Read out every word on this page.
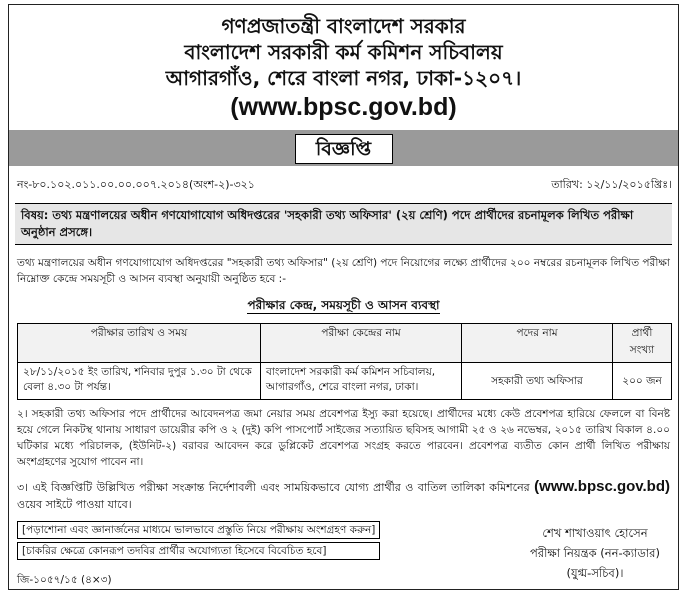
গণপ্রজাতন্ত্রী বাংলাদেশ সরকার
বাংলাদেশ সরকারী কর্ম কমিশন সচিবালয়
আগারগাঁও, শেরে বাংলা নগর, ঢাকা-১২০৭।
(www.bpsc.gov.bd)
বিজ্ঞপ্তি
নং-৮০.১০২.০১১.০০.০০.০০৭.২০১৪(অংশ-২)-৩২১	তারিখ: ১২/১১/২০১৫খ্রিঃ।
বিষয়: তথ্য মন্ত্রণালয়ের অধীন গণযোগাযোগ অধিদপ্তরের 'সহকারী তথ্য অফিসার' (২য় শ্রেণি) পদে প্রার্থীদের রচনামূলক লিখিত পরীক্ষা অনুষ্ঠান প্রসঙ্গে।
তথ্য মন্ত্রণালয়ের অধীন গণযোগাযোগ অধিদপ্তরের "সহকারী তথ্য অফিসার" (২য় শ্রেণি) পদে নিয়োগের লক্ষ্যে প্রার্থীদের ২০০ নম্বরের রচনামূলক লিখিত পরীক্ষা নিম্নোক্ত কেন্দ্রে সময়সূচী ও আসন ব্যবস্থা অনুযায়ী অনুষ্ঠিত হবে :-
পরীক্ষার কেন্দ্র, সময়সূচী ও আসন ব্যবস্থা
পরীক্ষার তারিখ ও সময়	পরীক্ষা কেন্দ্রের নাম	পদের নাম	প্রার্থী সংখ্যা
২৮/১১/২০১৫ ইং তারিখ, শনিবার দুপুর ১.৩০ টা থেকে বেলা ৪.৩০ টা পর্যন্ত।	বাংলাদেশ সরকারী কর্ম কমিশন সচিবালয়, আগারগাঁও, শেরে বাংলা নগর, ঢাকা।	সহকারী তথ্য অফিসার	২০০ জন
২। সহকারী তথ্য অফিসার পদে প্রার্থীদের আবেদনপত্র জমা নেয়ার সময় প্রবেশপত্র ইস্যু করা হয়েছে। প্রার্থীদের মধ্যে কেউ প্রবেশপত্র হারিয়ে ফেললে বা বিনষ্ট হয়ে গেলে নিকটস্থ থানায় সাধারণ ডায়েরীর কপি ও ২ (দুই) কপি পাসপোর্ট সাইজের সত্যায়িত ছবিসহ আগামী ২৫ ও ২৬ নভেম্বর, ২০১৫ তারিখ বিকাল ৪.০০ ঘটিকার মধ্যে পরিচালক, (ইউনিট-২) বরাবর আবেদন করে ডুপ্লিকেট প্রবেশপত্র সংগ্রহ করতে পারবেন। প্রবেশপত্র ব্যতীত কোন প্রার্থী লিখিত পরীক্ষায় অংশগ্রহণের সুযোগ পাবেন না।
৩। এই বিজ্ঞপ্তিটি উল্লিখিত পরীক্ষা সংক্রান্ত নির্দেশাবলী এবং সাময়িকভাবে যোগ্য প্রার্থীর ও বাতিল তালিকা কমিশনের (www.bpsc.gov.bd) ওয়েব সাইটে পাওয়া যাবে।
[পড়াশোনা এবং জ্ঞানার্জনের মাধ্যমে ভালভাবে প্রস্তুতি নিয়ে পরীক্ষায় অংশগ্রহণ করুন]
[চাকরির ক্ষেত্রে কোনরূপ তদবির প্রার্থীর অযোগ্যতা হিসেবে বিবেচিত হবে]
জি-১০৫৭/১৫ (৪×৩)
শেখ শাখাওয়াৎ হোসেন
পরীক্ষা নিয়ন্ত্রক (নন-ক্যাডার)
(যুগ্ম-সচিব)।
